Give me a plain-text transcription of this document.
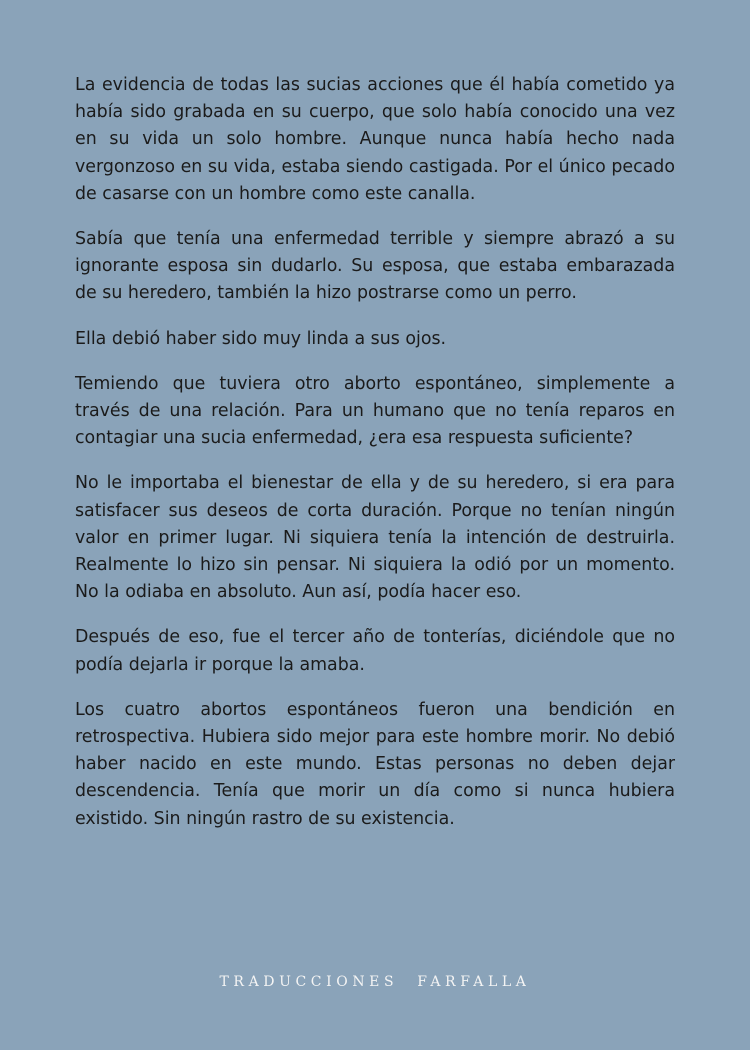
La evidencia de todas las sucias acciones que él había cometido ya había sido grabada en su cuerpo, que solo había conocido una vez en su vida un solo hombre. Aunque nunca había hecho nada vergonzoso en su vida, estaba siendo castigada. Por el único pecado de casarse con un hombre como este canalla.

Sabía que tenía una enfermedad terrible y siempre abrazó a su ignorante esposa sin dudarlo. Su esposa, que estaba embarazada de su heredero, también la hizo postrarse como un perro.

Ella debió haber sido muy linda a sus ojos.

Temiendo que tuviera otro aborto espontáneo, simplemente a través de una relación. Para un humano que no tenía reparos en contagiar una sucia enfermedad, ¿era esa respuesta suficiente?

No le importaba el bienestar de ella y de su heredero, si era para satisfacer sus deseos de corta duración. Porque no tenían ningún valor en primer lugar. Ni siquiera tenía la intención de destruirla. Realmente lo hizo sin pensar. Ni siquiera la odió por un momento. No la odiaba en absoluto. Aun así, podía hacer eso.

Después de eso, fue el tercer año de tonterías, diciéndole que no podía dejarla ir porque la amaba.

Los cuatro abortos espontáneos fueron una bendición en retrospectiva. Hubiera sido mejor para este hombre morir. No debió haber nacido en este mundo. Estas personas no deben dejar descendencia. Tenía que morir un día como si nunca hubiera existido. Sin ningún rastro de su existencia.

TRADUCCIONES FARFALLA
